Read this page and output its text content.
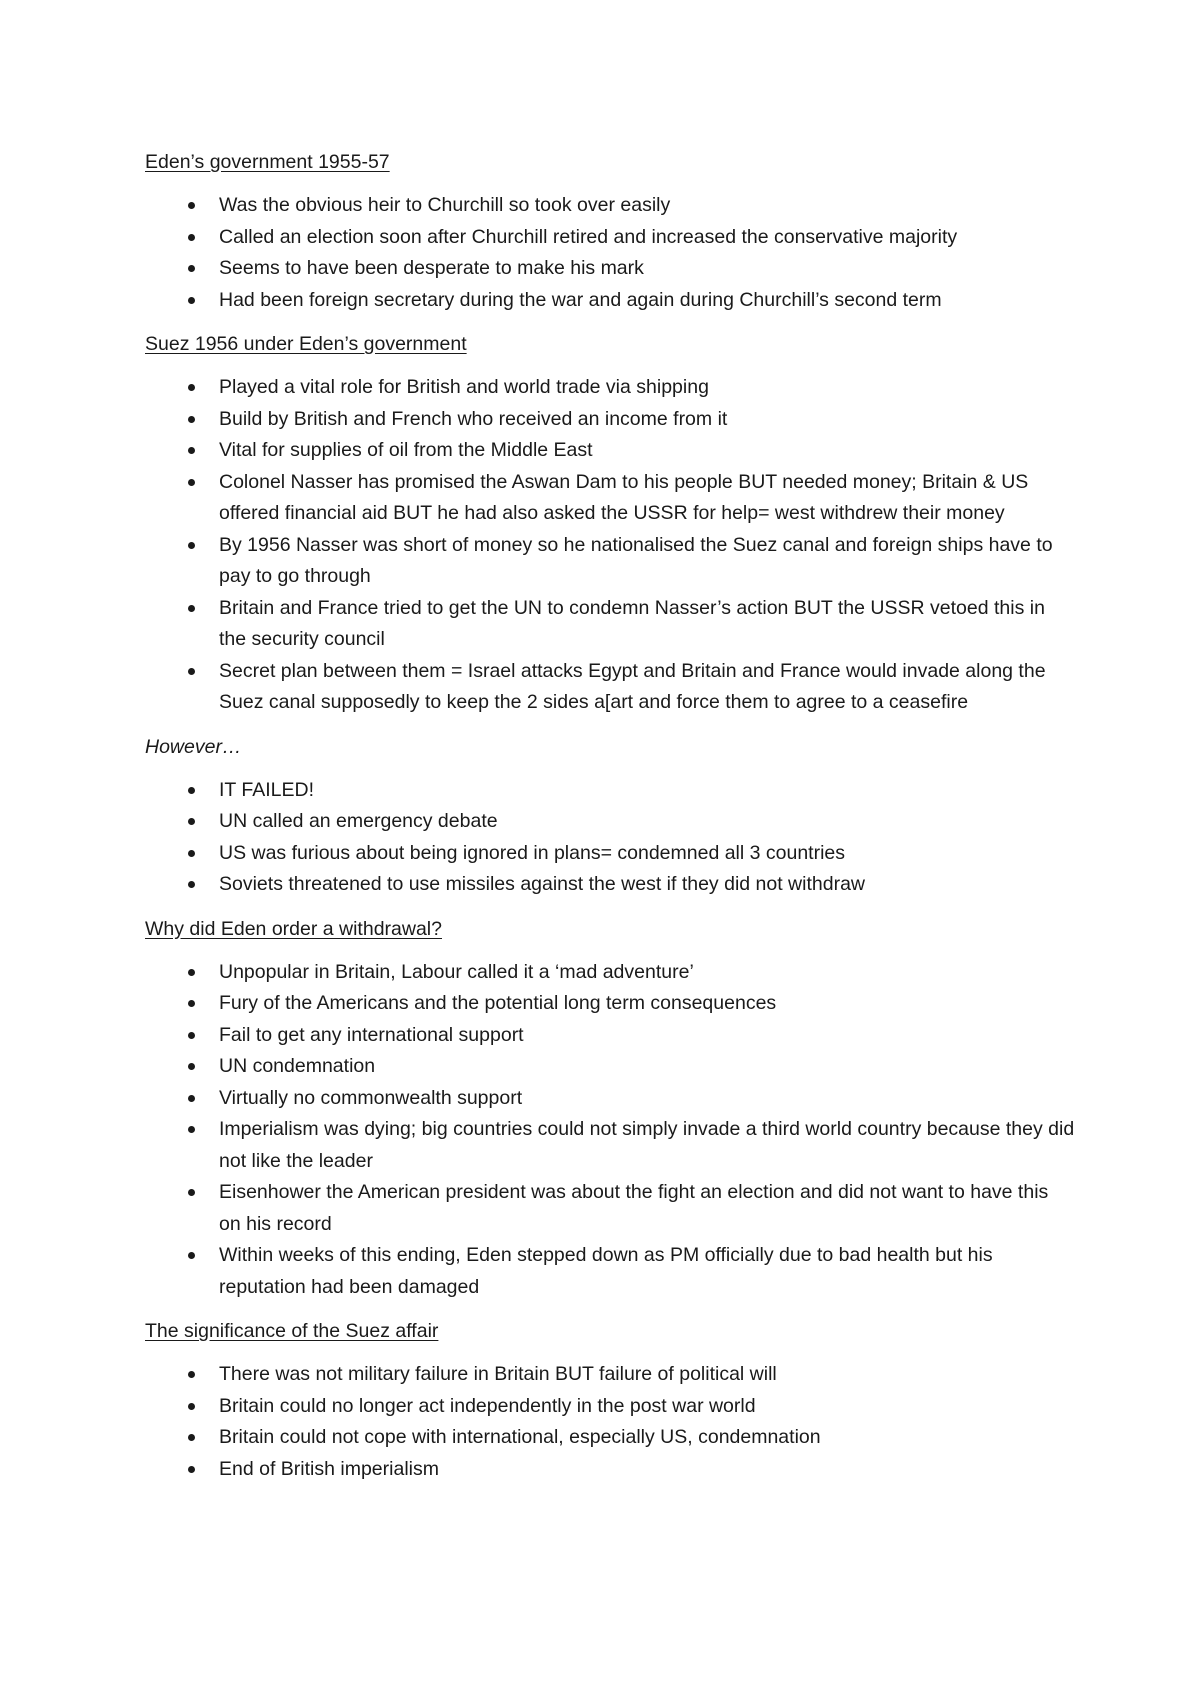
Eden’s government 1955-57

Was the obvious heir to Churchill so took over easily
Called an election soon after Churchill retired and increased the conservative majority
Seems to have been desperate to make his mark
Had been foreign secretary during the war and again during Churchill’s second term

Suez 1956 under Eden’s government

Played a vital role for British and world trade via shipping
Build by British and French who received an income from it
Vital for supplies of oil from the Middle East
Colonel Nasser has promised the Aswan Dam to his people BUT needed money; Britain & US offered financial aid BUT he had also asked the USSR for help= west withdrew their money
By 1956 Nasser was short of money so he nationalised the Suez canal and foreign ships have to pay to go through
Britain and France tried to get the UN to condemn Nasser’s action BUT the USSR vetoed this in the security council
Secret plan between them = Israel attacks Egypt and Britain and France would invade along the Suez canal supposedly to keep the 2 sides a[art and force them to agree to a ceasefire

However…

IT FAILED!
UN called an emergency debate
US was furious about being ignored in plans= condemned all 3 countries
Soviets threatened to use missiles against the west if they did not withdraw

Why did Eden order a withdrawal?

Unpopular in Britain, Labour called it a ‘mad adventure’
Fury of the Americans and the potential long term consequences
Fail to get any international support
UN condemnation
Virtually no commonwealth support
Imperialism was dying; big countries could not simply invade a third world country because they did not like the leader
Eisenhower the American president was about the fight an election and did not want to have this on his record
Within weeks of this ending, Eden stepped down as PM officially due to bad health but his reputation had been damaged

The significance of the Suez affair

There was not military failure in Britain BUT failure of political will
Britain could no longer act independently in the post war world
Britain could not cope with international, especially US, condemnation
End of British imperialism
